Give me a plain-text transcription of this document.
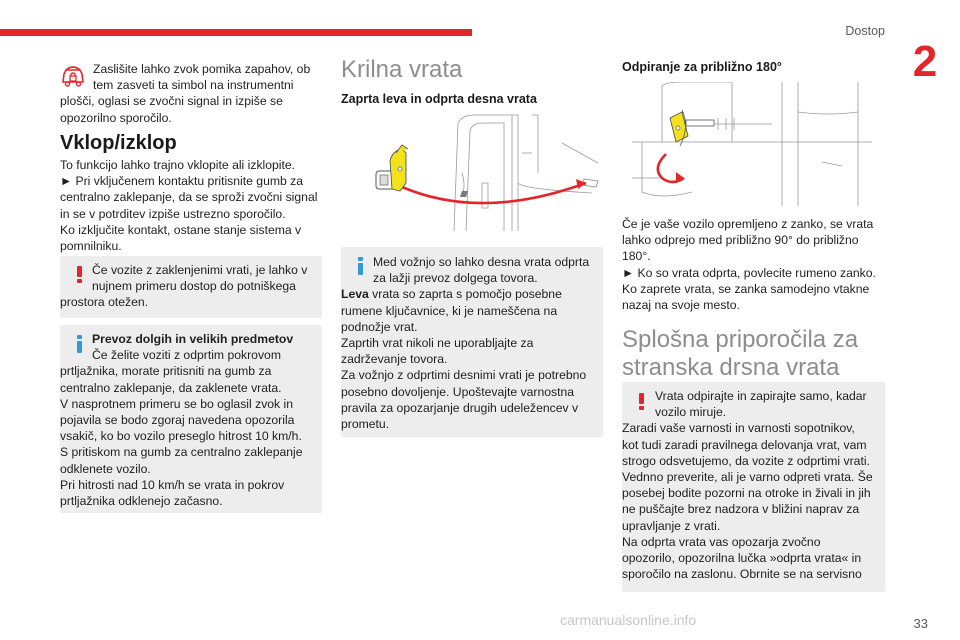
Dostop
2
Zaslišite lahko zvok pomika zapahov, ob
tem zasveti ta simbol na instrumentni
plošči, oglasi se zvočni signal in izpiše se
opozorilno sporočilo.
Vklop/izklop
To funkcijo lahko trajno vklopite ali izklopite.
► Pri vključenem kontaktu pritisnite gumb za
centralno zaklepanje, da se sproži zvočni signal
in se v potrditev izpiše ustrezno sporočilo.
Ko izključite kontakt, ostane stanje sistema v
pomnilniku.
Če vozite z zaklenjenimi vrati, je lahko v
nujnem primeru dostop do potniškega
prostora otežen.
Prevoz dolgih in velikih predmetov
Če želite voziti z odprtim pokrovom
prtljažnika, morate pritisniti na gumb za
centralno zaklepanje, da zaklenete vrata.
V nasprotnem primeru se bo oglasil zvok in
pojavila se bodo zgoraj navedena opozorila
vsakič, ko bo vozilo preseglo hitrost 10 km/h.
S pritiskom na gumb za centralno zaklepanje
odklenete vozilo.
Pri hitrosti nad 10 km/h se vrata in pokrov
prtljažnika odklenejo začasno.
Krilna vrata
Zaprta leva in odprta desna vrata
Med vožnjo so lahko desna vrata odprta
za lažji prevoz dolgega tovora.
Leva vrata so zaprta s pomočjo posebne
rumene ključavnice, ki je nameščena na
podnožje vrat.
Zaprtih vrat nikoli ne uporabljajte za
zadrževanje tovora.
Za vožnjo z odprtimi desnimi vrati je potrebno
posebno dovoljenje. Upoštevajte varnostna
pravila za opozarjanje drugih udeležencev v
prometu.
Odpiranje za približno 180°
Če je vaše vozilo opremljeno z zanko, se vrata
lahko odprejo med približno 90° do približno
180°.
► Ko so vrata odprta, povlecite rumeno zanko.
Ko zaprete vrata, se zanka samodejno vtakne
nazaj na svoje mesto.
Splošna priporočila za
stranska drsna vrata
Vrata odpirajte in zapirajte samo, kadar
vozilo miruje.
Zaradi vaše varnosti in varnosti sopotnikov,
kot tudi zaradi pravilnega delovanja vrat, vam
strogo odsvetujemo, da vozite z odprtimi vrati.
Vednno preverite, ali je varno odpreti vrata. Še
posebej bodite pozorni na otroke in živali in jih
ne puščajte brez nadzora v bližini naprav za
upravljanje z vrati.
Na odprta vrata vas opozarja zvočno
opozorilo, opozorilna lučka »odprta vrata« in
sporočilo na zaslonu. Obrnite se na servisno
carmanualsonline.info	33
